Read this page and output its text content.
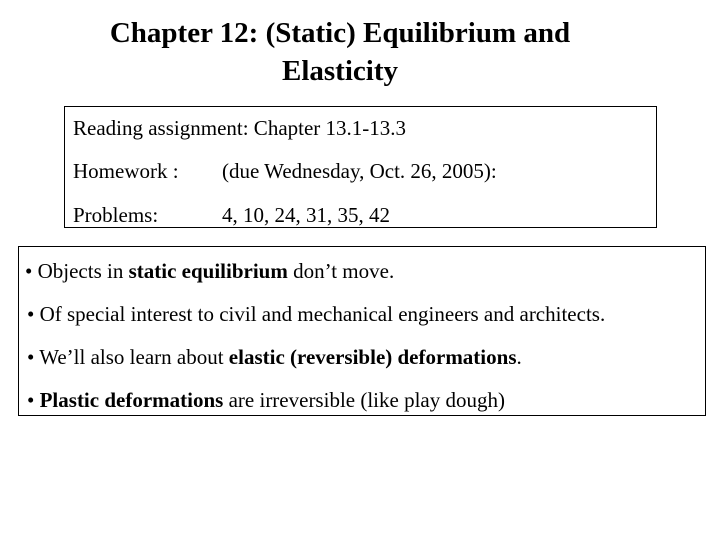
Chapter 12: (Static) Equilibrium and
Elasticity
Reading assignment: Chapter 13.1-13.3
Homework : (due Wednesday, Oct. 26, 2005):
Problems:	4, 10, 24, 31, 35, 42
• Objects in static equilibrium don’t move.
• Of special interest to civil and mechanical engineers and architects.
• We’ll also learn about elastic (reversible) deformations.
• Plastic deformations are irreversible (like play dough)
